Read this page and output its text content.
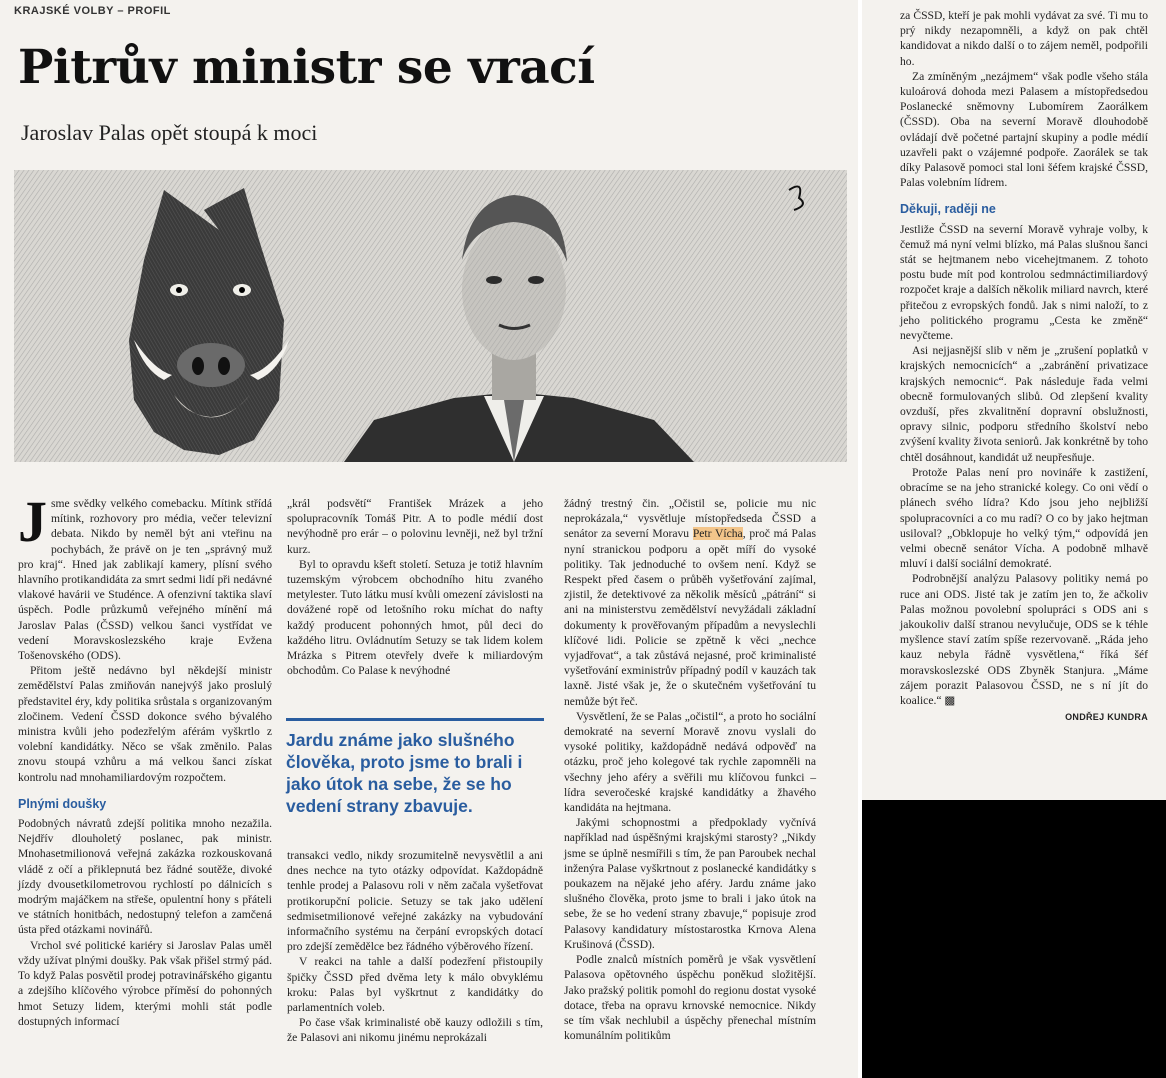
KRAJSKÉ VOLBY – PROFIL
Pitrův ministr se vrací
Jaroslav Palas opět stoupá k moci

Jsme svědky velkého comebacku. Mítink střídá mítink, rozhovory pro média, večer televizní debata. Nikdo by neměl být ani vteřinu na pochybách, že právě on je ten „správný muž pro kraj“. Hned jak zablikají kamery, plísní svého hlavního protikandidáta za smrt sedmi lidí při nedávné vlakové havárii ve Studénce. A ofenzivní taktika slaví úspěch. Podle průzkumů veřejného mínění má Jaroslav Palas (ČSSD) velkou šanci vystřídat ve vedení Moravskoslezského kraje Evžena Tošenovského (ODS).

Přitom ještě nedávno byl někdejší ministr zemědělství Palas zmiňován nanejvýš jako proslulý představitel éry, kdy politika srůstala s organizovaným zločinem. Vedení ČSSD dokonce svého bývalého ministra kvůli jeho podezřelým aférám vyškrtlo z volební kandidátky. Něco se však změnilo. Palas znovu stoupá vzhůru a má velkou šanci získat kontrolu nad mnohamiliardovým rozpočtem.

Plnými doušky

Podobných návratů zdejší politika mnoho nezažila. Nejdřív dlouholetý poslanec, pak ministr. Mnohasetmilionová veřejná zakázka rozkouskovaná vládě z očí a přiklepnutá bez řádné soutěže, divoké jízdy dvousetkilometrovou rychlostí po dálnicích s modrým majáčkem na střeše, opulentní hony s přáteli ve státních honitbách, nedostupný telefon a zamčená ústa před otázkami novinářů.

Vrchol své politické kariéry si Jaroslav Palas uměl vždy užívat plnými doušky. Pak však přišel strmý pád. To když Palas posvětil prodej potravinářského gigantu a zdejšího klíčového výrobce příměsí do pohonných hmot Setuzy lidem, kterými mohli stát podle dostupných informací

„král podsvětí“ František Mrázek a jeho spolupracovník Tomáš Pitr. A to podle médií dost nevýhodně pro erár – o polovinu levněji, než byl tržní kurz.

Byl to opravdu kšeft století. Setuza je totiž hlavním tuzemským výrobcem obchodního hitu zvaného metylester. Tuto látku musí kvůli omezení závislosti na dovážené ropě od letošního roku míchat do nafty každý producent pohonných hmot, půl deci do každého litru. Ovládnutím Setuzy se tak lidem kolem Mrázka s Pitrem otevřely dveře k miliardovým obchodům. Co Palase k nevýhodné

Jardu známe jako slušného člověka, proto jsme to brali i jako útok na sebe, že se ho vedení strany zbavuje.

transakci vedlo, nikdy srozumitelně nevysvětlil a ani dnes nechce na tyto otázky odpovídat. Každopádně tenhle prodej a Palasovu roli v něm začala vyšetřovat protikorupční policie. Setuzy se tak jako udělení sedmisetmilionové veřejné zakázky na vybudování informačního systému na čerpání evropských dotací pro zdejší zemědělce bez řádného výběrového řízení.

V reakci na tahle a další podezření přistoupily špičky ČSSD před dvěma lety k málo obvyklému kroku: Palas byl vyškrtnut z kandidátky do parlamentních voleb.

Po čase však kriminalisté obě kauzy odložili s tím, že Palasovi ani nikomu jinému neprokázali

žádný trestný čin. „Očistil se, policie mu nic neprokázala,“ vysvětluje místopředseda ČSSD a senátor za severní Moravu Petr Vícha, proč má Palas nyní stranickou podporu a opět míří do vysoké politiky. Tak jednoduché to ovšem není. Když se Respekt před časem o průběh vyšetřování zajímal, zjistil, že detektivové za několik měsíců „pátrání“ si ani na ministerstvu zemědělství nevyžádali základní dokumenty k prověřovaným případům a nevyslechli klíčové lidi. Policie se zpětně k věci „nechce vyjadřovat“, a tak zůstává nejasné, proč kriminalisté vyšetřování exministrův případný podíl v kauzách tak laxně. Jisté však je, že o skutečném vyšetřování tu nemůže být řeč.

Vysvětlení, že se Palas „očistil“, a proto ho sociální demokraté na severní Moravě znovu vyslali do vysoké politiky, každopádně nedává odpověď na otázku, proč jeho kolegové tak rychle zapomněli na všechny jeho aféry a svěřili mu klíčovou funkci – lídra severočeské krajské kandidátky a žhavého kandidáta na hejtmana.

Jakými schopnostmi a předpoklady vyčnívá například nad úspěšnými krajskými starosty? „Nikdy jsme se úplně nesmířili s tím, že pan Paroubek nechal inženýra Palase vyškrtnout z poslanecké kandidátky s poukazem na nějaké jeho aféry. Jardu známe jako slušného člověka, proto jsme to brali i jako útok na sebe, že se ho vedení strany zbavuje,“ popisuje zrod Palasovy kandidatury místostarostka Krnova Alena Krušinová (ČSSD).

Podle znalců místních poměrů je však vysvětlení Palasova opětovného úspěchu poněkud složitější. Jako pražský politik pomohl do regionu dostat vysoké dotace, třeba na opravu krnovské nemocnice. Nikdy se tím však nechlubil a úspěchy přenechal místním komunálním politikům

za ČSSD, kteří je pak mohli vydávat za své. Ti mu to prý nikdy nezapomněli, a když on pak chtěl kandidovat a nikdo další o to zájem neměl, podpořili ho.

Za zmíněným „nezájmem“ však podle všeho stála kuloárová dohoda mezi Palasem a místopředsedou Poslanecké sněmovny Lubomírem Zaorálkem (ČSSD). Oba na severní Moravě dlouhodobě ovládají dvě početné partajní skupiny a podle médií uzavřeli pakt o vzájemné podpoře. Zaorálek se tak díky Palasově pomoci stal loni šéfem krajské ČSSD, Palas volebním lídrem.

Děkuji, raději ne

Jestliže ČSSD na severní Moravě vyhraje volby, k čemuž má nyní velmi blízko, má Palas slušnou šanci stát se hejtmanem nebo vicehejtmanem. Z tohoto postu bude mít pod kontrolou sedmnáctimiliardový rozpočet kraje a dalších několik miliard navrch, které přitečou z evropských fondů. Jak s nimi naloží, to z jeho politického programu „Cesta ke změně“ nevyčteme.

Asi nejjasnější slib v něm je „zrušení poplatků v krajských nemocnicích“ a „zabránění privatizace krajských nemocnic“. Pak následuje řada velmi obecně formulovaných slibů. Od zlepšení kvality ovzduší, přes zkvalitnění dopravní obslužnosti, opravy silnic, podporu středního školství nebo zvýšení kvality života seniorů. Jak konkrétně by toho chtěl dosáhnout, kandidát už neupřesňuje.

Protože Palas není pro novináře k zastižení, obracíme se na jeho stranické kolegy. Co oni vědí o plánech svého lídra? Kdo jsou jeho nejbližší spolupracovníci a co mu radí? O co by jako hejtman usiloval? „Obklopuje ho velký tým,“ odpovídá jen velmi obecně senátor Vícha. A podobně mlhavě mluví i další sociální demokraté.

Podrobnější analýzu Palasovy politiky nemá po ruce ani ODS. Jisté tak je zatím jen to, že ačkoliv Palas možnou povolební spolupráci s ODS ani s jakoukoliv další stranou nevylučuje, ODS se k téhle myšlence staví zatím spíše rezervovaně. „Ráda jeho kauz nebyla řádně vysvětlena,“ říká šéf moravskoslezské ODS Zbyněk Stanjura. „Máme zájem porazit Palasovou ČSSD, ne s ní jít do koalice.“ ▩

ONDŘEJ KUNDRA
